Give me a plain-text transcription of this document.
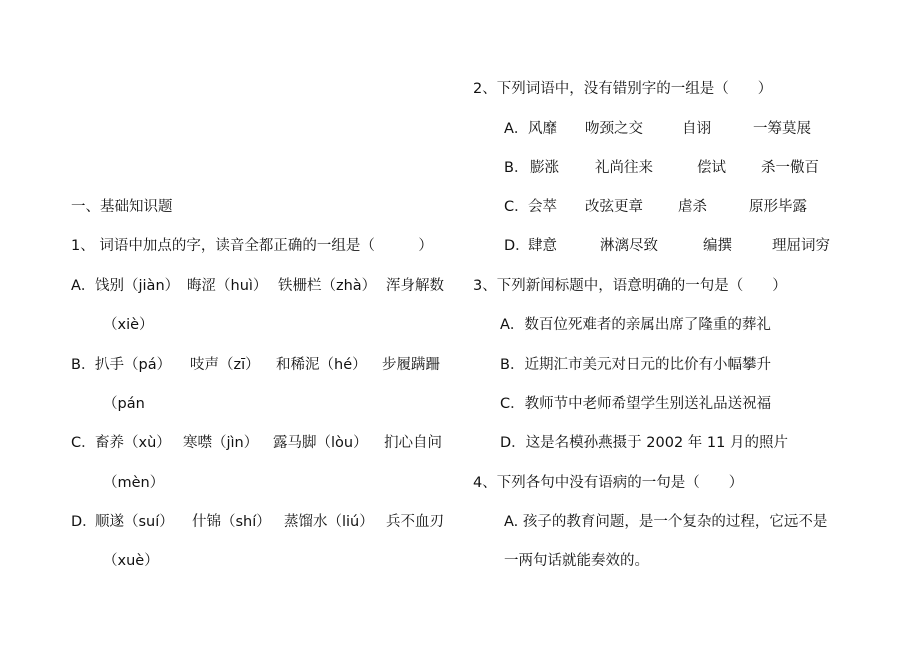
一、基础知识题
1、 词语中加点的字，读音全都正确的一组是（　　　）
A． 饯别（jiàn） 晦涩（huì） 铁栅栏（zhà） 浑身解数
（xiè）
B． 扒手（pá） 吱声（zī） 和稀泥（hé） 步履蹒跚
（pán
C． 畜养（xù） 寒噤（jìn） 露马脚（lòu） 扪心自问
（mèn）
D．
顺遂（suí） 什锦（shí） 蒸馏水（liú） 兵不血刃
（xuè）
2、下列词语中，没有错别字的一组是（　　）
A． 风靡 吻颈之交	自诩	一筹莫展
B． 膨涨 礼尚往来	偿试 杀一儆百
C． 会萃 改弦更章 虐杀	原形毕露
D．
肆意	淋漓尽致	编撰	理屈词穷
3、下列新闻标题中，语意明确的一句是（　　）
A．数百位死难者的亲属出席了隆重的葬礼
B．近期汇市美元对日元的比价有小幅攀升
C．教师节中老师希望学生别送礼品送祝福
D．这是名模孙燕摄于 2002 年 11 月的照片
4、下列各句中没有语病的一句是（　　）
A. 孩子的教育问题，是一个复杂的过程，它远不是
一两句话就能奏效的。
